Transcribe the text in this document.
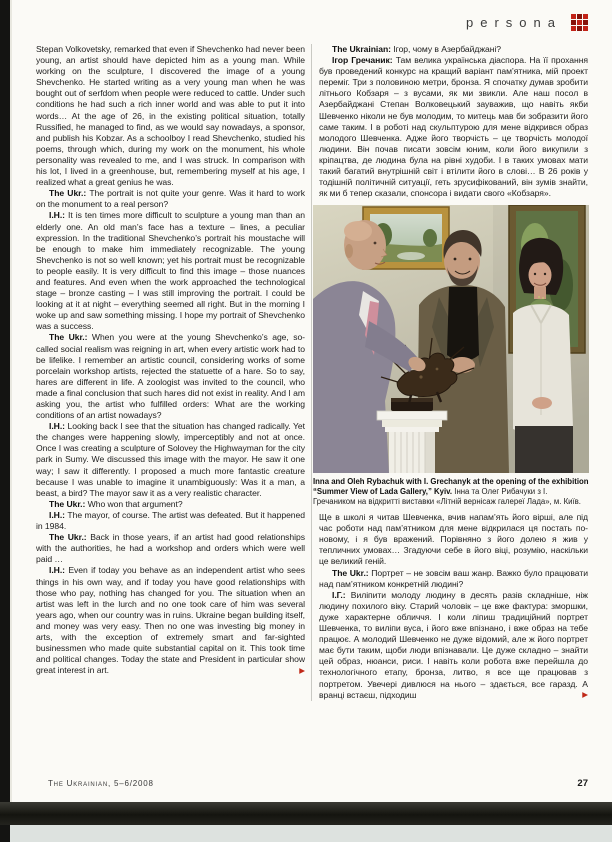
persona

Stepan Volkovetsky, remarked that even if Shevchenko had never been young, an artist should have depicted him as a young man. While working on the sculpture, I discovered the image of a young Shevchenko. He started writing as a very young man when he was bought out of serfdom when people were reduced to cattle. Under such conditions he had such a rich inner world and was able to put it into words… At the age of 26, in the existing political situation, totally Russified, he managed to find, as we would say nowadays, a sponsor, and publish his Kobzar. As a schoolboy I read Shevchenko, studied his poems, through which, during my work on the monument, his whole personality was revealed to me, and I was struck. In comparison with his lot, I lived in a greenhouse, but, remembering myself at his age, I realized what a great genius he was.

The Ukr.: The portrait is not quite your genre. Was it hard to work on the monument to a real person?

I.H.: It is ten times more difficult to sculpture a young man than an elderly one. An old man’s face has a texture – lines, a peculiar expression. In the traditional Shevchenko’s portrait his moustache will be enough to make him immediately recognizable. The young Shevchenko is not so well known; yet his portrait must be recognizable to people easily. It is very difficult to find this image – those nuances and features. And even when the work approached the technological stage – bronze casting – I was still improving the portrait. I could be looking at it at night – everything seemed all right. But in the morning I woke up and saw something missing. I hope my portrait of Shevchenko was a success.

The Ukr.: When you were at the young Shevchenko’s age, so-called social realism was reigning in art, when every artistic work had to be lifelike. I remember an artistic council, considering works of some porcelain workshop artists, rejected the statuette of a hare. So to say, hares are different in life. A zoologist was invited to the council, who made a final conclusion that such hares did not exist in reality. And I am asking you, the artist who fulfilled orders: What are the working conditions of an artist nowadays?

I.H.: Looking back I see that the situation has changed radically. Yet the changes were happening slowly, imperceptibly and not at once. Once I was creating a sculpture of Solovey the Highwayman for the city park in Sumy. We discussed this image with the mayor. He saw it one way; I saw it differently. I proposed a much more fantastic creature because I was unable to imagine it unambiguously: Was it a man, a beast, a bird? The mayor saw it as a very realistic character.

The Ukr.: Who won that argument?

I.H.: The mayor, of course. The artist was defeated. But it happened in 1984.

The Ukr.: Back in those years, if an artist had good relationships with the authorities, he had a workshop and orders which were well paid …

I.H.: Even if today you behave as an independent artist who sees things in his own way, and if today you have good relationships with those who pay, nothing has changed for you. The situation when an artist was left in the lurch and no one took care of him was several years ago, when our country was in ruins. Ukraine began building itself, and money was very easy. Then no one was investing big money in arts, with the exception of extremely smart and far-sighted businessmen who made quite substantial capital on it. This took time and political changes. Today the state and President in particular show great interest in art.	▶

The Ukrainian: Ігор, чому в Азербайджані?

Ігор Гречаник: Там велика українська діаспора. На її прохання був проведений конкурс на кращий варіант пам’ятника, мій проект переміг. Три з половиною метри, бронза. Я спочатку думав зробити літнього Кобзаря – з вусами, як ми звикли. Але наш посол в Азербайджані Степан Волковецький зауважив, що навіть якби Шевченко ніколи не був молодим, то митець мав би зобразити його саме таким. І в роботі над скульптурою для мене відкрився образ молодого Шевченка. Адже його творчість – це творчість молодої людини. Він почав писати зовсім юним, коли його викупили з кріпацтва, де людина була на рівні худоби. І в таких умовах мати такий багатий внутрішній світ і втілити його в слові… В 26 років у тодішній політичній ситуації, геть зрусифікований, він зумів знайти, як ми б тепер сказали, спонсора і видати свого «Кобзаря».

Inna and Oleh Rybachuk with I. Grechanyk at the opening of the exhibition “Summer View of Lada Gallery,” Kyiv. Інна та Олег Рибачуки з І. Гречаником на відкритті виставки «Літній вернісаж галереї Лада», м. Київ.

Ще в школі я читав Шевченка, вчив напам’ять його вірші, але під час роботи над пам’ятником для мене відкрилася ця постать по-новому, і я був вражений. Порівняно з його долею я жив у тепличних умовах… Згадуючи себе в його віці, розумію, наскільки це великий геній.

The Ukr.: Портрет – не зовсім ваш жанр. Важко було працювати над пам’ятником конкретній людині?

І.Г.: Виліпити молоду людину в десять разів складніше, ніж людину похилого віку. Старий чоловік – це вже фактура: зморшки, дуже характерне обличчя. І коли ліпиш традиційний портрет Шевченка, то виліпи вуса, і його вже впізнано, і вже образ на тебе працює. А молодий Шевченко не дуже відомий, але ж його портрет має бути таким, щоби люди впізнавали. Це дуже складно – знайти цей образ, нюанси, риси. І навіть коли робота вже перейшла до технологічного етапу, бронза, литво, я все ще працював з портретом. Увечері дивлюся на нього – здається, все гаразд. А вранці встаєш, підходиш	▶

The Ukrainian, 5–6/2008	27
